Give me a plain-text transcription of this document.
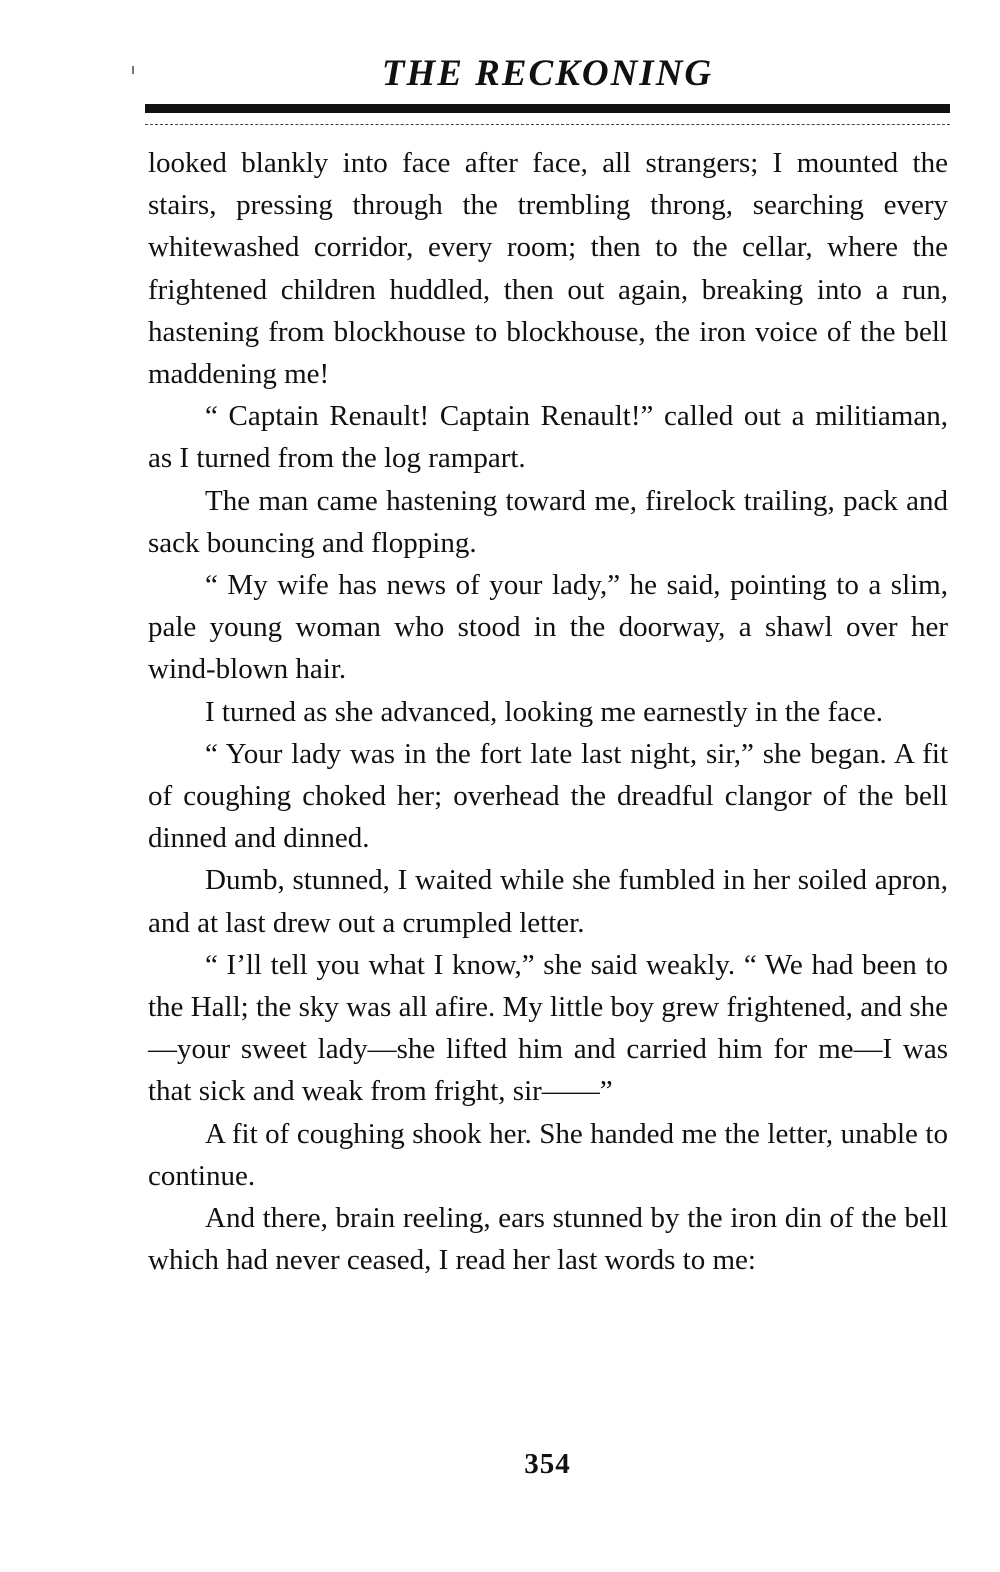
THE RECKONING

looked blankly into face after face, all strangers; I mounted the stairs, pressing through the trembling throng, searching every whitewashed corridor, every room; then to the cellar, where the frightened children huddled, then out again, breaking into a run, hastening from blockhouse to blockhouse, the iron voice of the bell maddening me!

“ Captain Renault! Captain Renault!” called out a militiaman, as I turned from the log rampart.

The man came hastening toward me, firelock trailing, pack and sack bouncing and flopping.

“ My wife has news of your lady,” he said, pointing to a slim, pale young woman who stood in the doorway, a shawl over her wind-blown hair.

I turned as she advanced, looking me earnestly in the face.

“ Your lady was in the fort late last night, sir,” she began. A fit of coughing choked her; overhead the dreadful clangor of the bell dinned and dinned.

Dumb, stunned, I waited while she fumbled in her soiled apron, and at last drew out a crumpled letter.

“ I’ll tell you what I know,” she said weakly. “ We had been to the Hall; the sky was all afire. My little boy grew frightened, and she—your sweet lady—she lifted him and carried him for me—I was that sick and weak from fright, sir——”

A fit of coughing shook her. She handed me the letter, unable to continue.

And there, brain reeling, ears stunned by the iron din of the bell which had never ceased, I read her last words to me:

354
